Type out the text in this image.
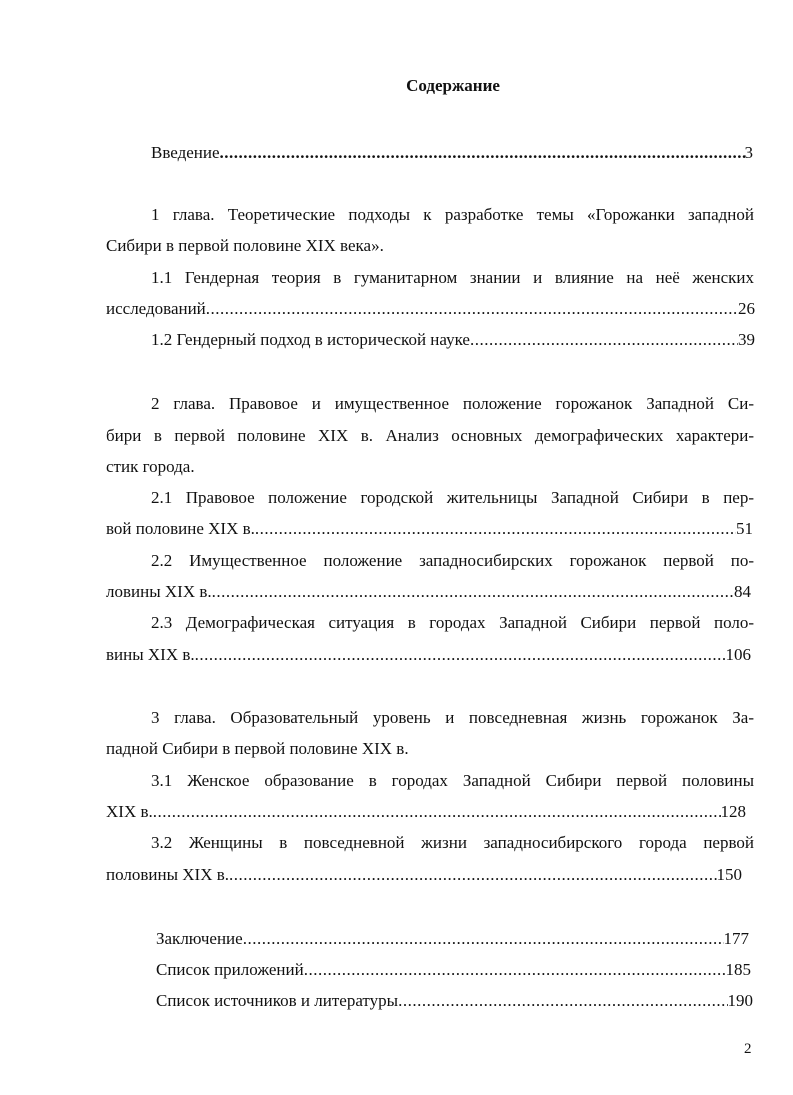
Содержание
Введение .....	3
1 глава. Теоретические подходы к разработке темы «Горожанки западной
Сибири в первой половине XIX века».
1.1 Гендерная теория в гуманитарном знании и влияние на неё женских
исследований .....	26
1.2 Гендерный подход в исторической науке .....	39
2 глава. Правовое и имущественное положение горожанок Западной Си-
бири в первой половине XIX в. Анализ основных демографических характери-
стик города.
2.1 Правовое положение городской жительницы Западной Сибири в пер-
вой половине XIX в. .....	51
2.2 Имущественное положение западносибирских горожанок первой по-
ловины XIX в. .....	84
2.3 Демографическая ситуация в городах Западной Сибири первой поло-
вины XIX в. .....	106
3 глава. Образовательный уровень и повседневная жизнь горожанок За-
падной Сибири в первой половине XIX в.
3.1 Женское образование в городах Западной Сибири первой половины
XIX в. .....	128
3.2 Женщины в повседневной жизни западносибирского города первой
половины XIX в. .....	150
Заключение .....	177
Список приложений .....	185
Список источников и литературы .....	190
2
